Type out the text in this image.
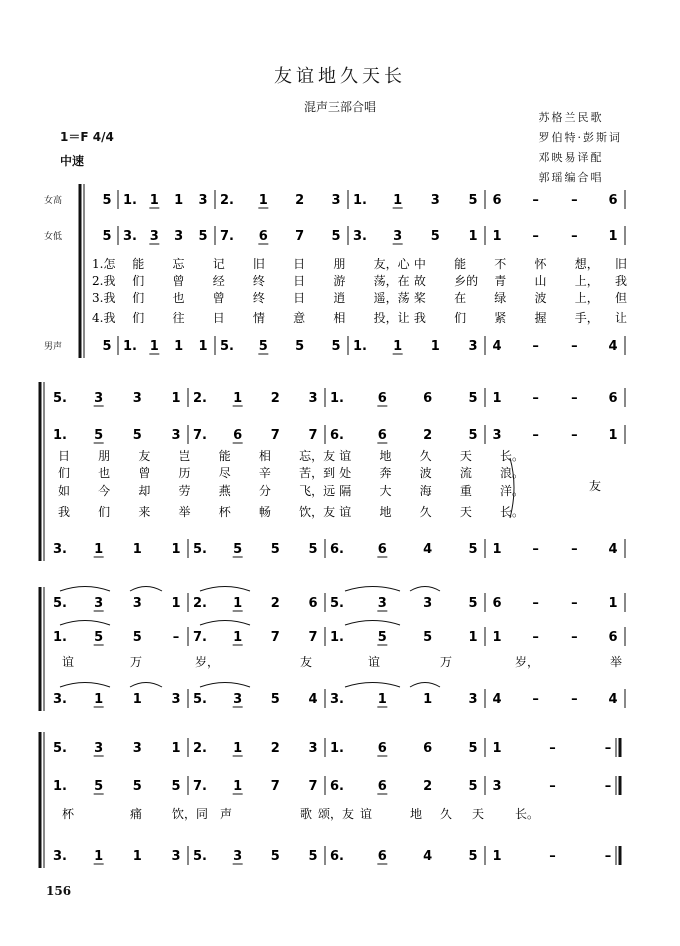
友谊地久天长
混声三部合唱
苏格兰民歌
罗伯特·彭斯词
邓映易译配
郭瑶编合唱
1＝F 4/4
中速
女高
女低
男声
5 1. 1 1 3 2. 1 2 3 1. 1 3 5 6 – – 6
5 3. 3 3 5 7. 6 7 5 3. 3 5 1 1 – – 1
5 1. 1 1 1 5. 5 5 5 1. 1 1 3 4 – – 4
1.怎 能 忘 记 旧 日 朋 友，心 中 能 不 怀 想， 旧
2.我 们 曾 经 终 日 游 荡，在 故 乡的 青 山 上， 我
3.我 们 也 曾 终 日 逍 遥，荡 桨 在 绿 波 上， 但
4.我 们 往 日 情 意 相 投，让 我 们 紧 握 手， 让
5. 3 3 1 2. 1 2 3 1.	6	6	5 1 – – 6
1. 5 5 3 7. 6 7 7 6.	6	2	5 3 – – 1
3. 1 1 1 5. 5 5 5 6.	6	4	5 1 – – 4
日 朋 友 岂 能 相 忘，友 谊 地 久 天 长。
们 也 曾 历 尽 辛 苦，到 处 奔 波 流 浪。
如 今 却 劳 燕 分 飞，远 隔 大 海 重 洋。
我 们 来 举 杯 畅 饮，友 谊 地 久 天 长。
友
5. 3 3 1 2. 1 2 6 5.	3	3	5 6 – – 1
1. 5 5 – 7. 1 7 7 1.	5	5	1 1 – – 6
3. 1 1 3 5. 3 5 4 3.	1	1	3 4 – – 4
谊	万	岁，	友	谊	万	岁，	举
5. 3 3 1 2. 1 2 3 1.	6	6	5 1	–	–
1. 5 5 5 7. 1 7 7 6.	6	2	5 3	–	–
3. 1 1 3 5. 3 5 5 6.	6	4	5 1	–	–
杯	痛 饮，同 声	歌 颂，友 谊	地 久 天	长。
156
